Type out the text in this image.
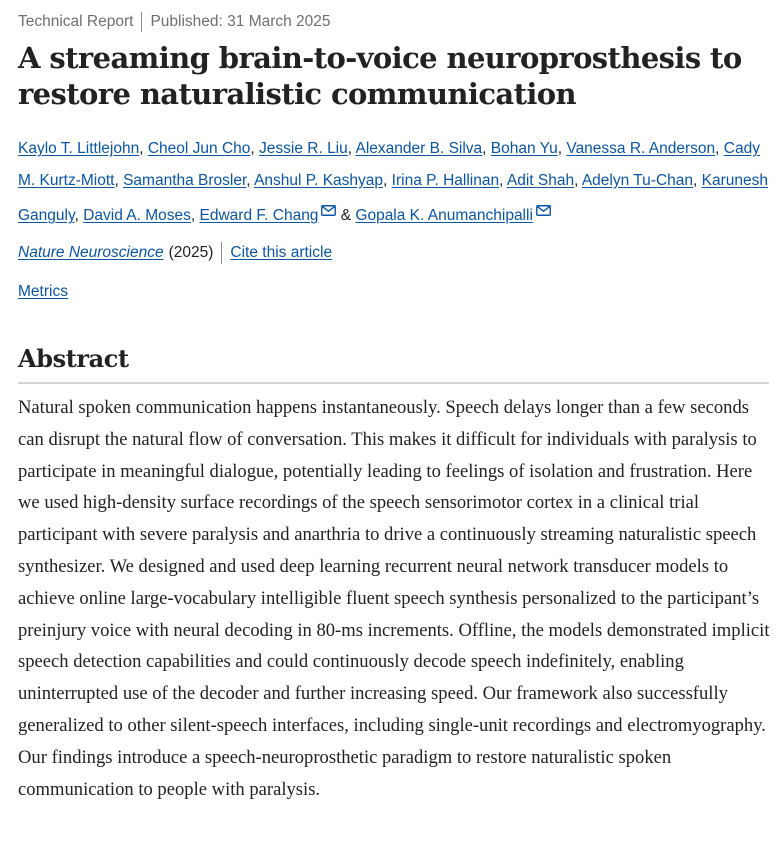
Technical Report Published: 31 March 2025
A streaming brain-to-voice neuroprosthesis to restore naturalistic communication
Kaylo T. Littlejohn, Cheol Jun Cho, Jessie R. Liu, Alexander B. Silva, Bohan Yu, Vanessa R. Anderson, Cady M. Kurtz-Miott, Samantha Brosler, Anshul P. Kashyap, Irina P. Hallinan, Adit Shah, Adelyn Tu-Chan, Karunesh Ganguly, David A. Moses, Edward F. Chang & Gopala K. Anumanchipalli
Nature Neuroscience (2025) Cite this article
Metrics
Abstract

Natural spoken communication happens instantaneously. Speech delays longer than a few seconds can disrupt the natural flow of conversation. This makes it difficult for individuals with paralysis to participate in meaningful dialogue, potentially leading to feelings of isolation and frustration. Here we used high-density surface recordings of the speech sensorimotor cortex in a clinical trial participant with severe paralysis and anarthria to drive a continuously streaming naturalistic speech synthesizer. We designed and used deep learning recurrent neural network transducer models to achieve online large-vocabulary intelligible fluent speech synthesis personalized to the participant’s preinjury voice with neural decoding in 80-ms increments. Offline, the models demonstrated implicit speech detection capabilities and could continuously decode speech indefinitely, enabling uninterrupted use of the decoder and further increasing speed. Our framework also successfully generalized to other silent-speech interfaces, including single-unit recordings and electromyography. Our findings introduce a speech-neuroprosthetic paradigm to restore naturalistic spoken communication to people with paralysis.
